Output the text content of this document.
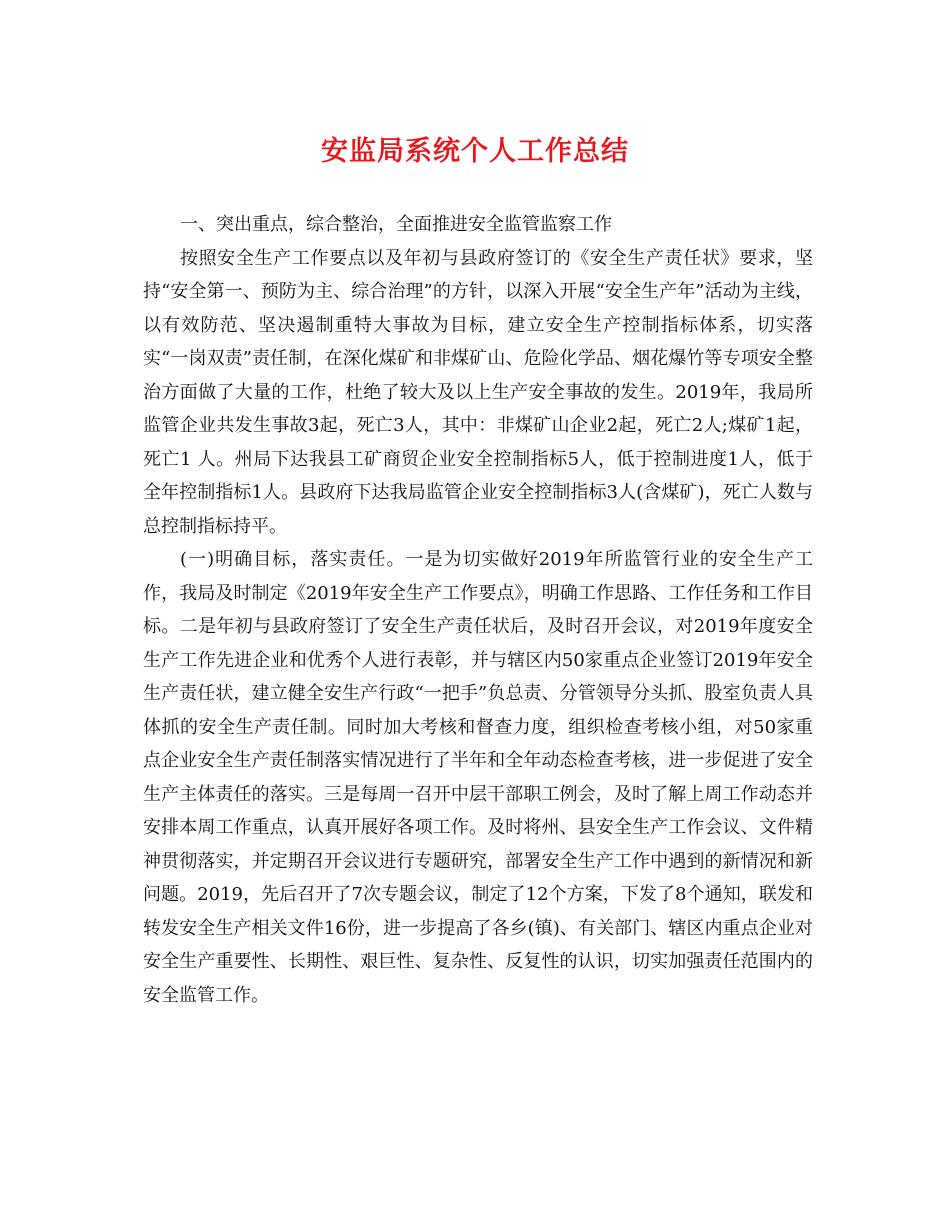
安监局系统个人工作总结

一、突出重点，综合整治，全面推进安全监管监察工作

按照安全生产工作要点以及年初与县政府签订的《安全生产责任状》要求，坚持“安全第一、预防为主、综合治理”的方针，以深入开展“安全生产年”活动为主线，以有效防范、坚决遏制重特大事故为目标，建立安全生产控制指标体系，切实落实“一岗双责”责任制，在深化煤矿和非煤矿山、危险化学品、烟花爆竹等专项安全整治方面做了大量的工作，杜绝了较大及以上生产安全事故的发生。2019年，我局所监管企业共发生事故3起，死亡3人，其中：非煤矿山企业2起，死亡2人;煤矿1起，死亡1 人。州局下达我县工矿商贸企业安全控制指标5人，低于控制进度1人，低于全年控制指标1人。县政府下达我局监管企业安全控制指标3人(含煤矿)，死亡人数与总控制指标持平。

(一)明确目标，落实责任。一是为切实做好2019年所监管行业的安全生产工作，我局及时制定《2019年安全生产工作要点》，明确工作思路、工作任务和工作目标。二是年初与县政府签订了安全生产责任状后，及时召开会议，对2019年度安全生产工作先进企业和优秀个人进行表彰，并与辖区内50家重点企业签订2019年安全生产责任状，建立健全安生产行政“一把手”负总责、分管领导分头抓、股室负责人具体抓的安全生产责任制。同时加大考核和督查力度，组织检查考核小组，对50家重点企业安全生产责任制落实情况进行了半年和全年动态检查考核，进一步促进了安全生产主体责任的落实。三是每周一召开中层干部职工例会，及时了解上周工作动态并安排本周工作重点，认真开展好各项工作。及时将州、县安全生产工作会议、文件精神贯彻落实，并定期召开会议进行专题研究，部署安全生产工作中遇到的新情况和新问题。2019，先后召开了7次专题会议，制定了12个方案，下发了8个通知，联发和转发安全生产相关文件16份，进一步提高了各乡(镇)、有关部门、辖区内重点企业对安全生产重要性、长期性、艰巨性、复杂性、反复性的认识，切实加强责任范围内的安全监管工作。
